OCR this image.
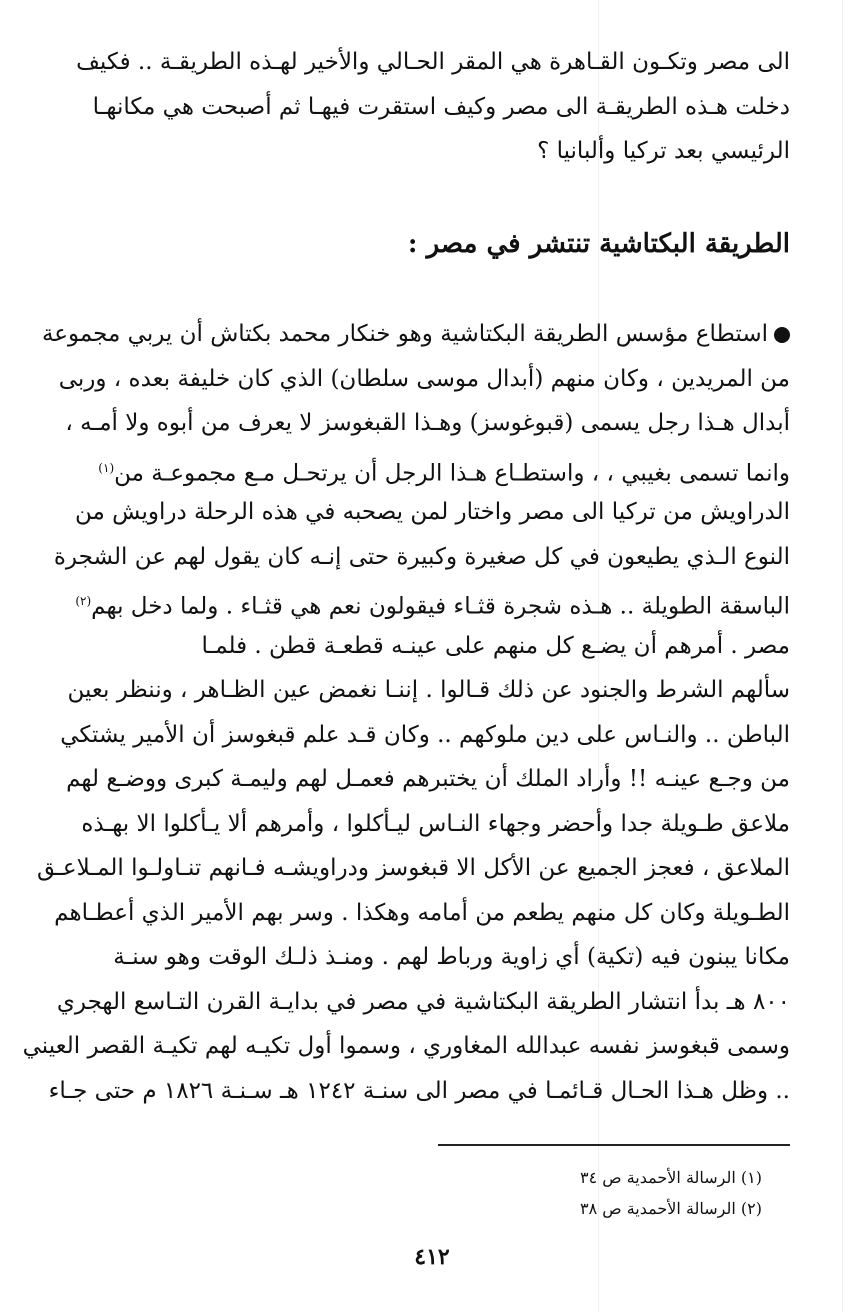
الى مصر وتكـون القـاهرة هي المقر الحـالي والأخير لهـذه الطريقـة .. فكيف
دخلت هـذه الطريقـة الى مصر وكيف استقرت فيهـا ثم أصبحت هي مكانهـا
الرئيسي بعد تركيا وألبانيا ؟
الطريقة البكتاشية تنتشر في مصر :
استطاع مؤسس الطريقة البكتاشية وهو خنكار محمد بكتاش أن يربي مجموعة
من المريدين ، وكان منهم (أبدال موسى سلطان) الذي كان خليفة بعده ، وربى
أبدال هـذا رجل يسمى (قبوغوسز) وهـذا القبغوسز لا يعرف من أبوه ولا أمـه ،
وانما تسمى بغيبي ، ، واستطـاع هـذا الرجل أن يرتحـل مـع مجموعـة من$^{(١)}$
الدراويش من تركيا الى مصر واختار لمن يصحبه في هذه الرحلة دراويش من
النوع الـذي يطيعون في كل صغيرة وكبيرة حتى إنـه كان يقول لهم عن الشجرة
الباسقة الطويلة .. هـذه شجرة قثـاء فيقولون نعم هي قثـاء . ولما دخل بهم$^{(٢)}$
مصر . أمرهم أن يضـع كل منهم على عينـه قطعـة قطن . فلمـا
سألهم الشرط والجنود عن ذلك قـالوا . إننـا نغمض عين الظـاهر ، وننظر بعين
الباطن .. والنـاس على دين ملوكهم .. وكان قـد علم قبغوسز أن الأمير يشتكي
من وجـع عينـه !! وأراد الملك أن يختبرهم فعمـل لهم وليمـة كبرى ووضـع لهم
ملاعق طـويلة جدا وأحضر وجهاء النـاس ليـأكلوا ، وأمرهم ألا يـأكلوا الا بهـذه
الملاعق ، فعجز الجميع عن الأكل الا قبغوسز ودراويشـه فـانهم تنـاولـوا المـلاعـق
الطـويلة وكان كل منهم يطعم من أمامه وهكذا . وسر بهم الأمير الذي أعطـاهم
مكانا يبنون فيه (تكية) أي زاوية ورباط لهم . ومنـذ ذلـك الوقت وهو سنـة
٨٠٠ هـ بدأ انتشار الطريقة البكتاشية في مصر في بدايـة القرن التـاسع الهجري
وسمى قبغوسز نفسه عبدالله المغاوري ، وسموا أول تكيـه لهم تكيـة القصر العيني
.. وظل هـذا الحـال قـائمـا في مصر الى سنـة ١٢٤٢ هـ سـنـة ١٨٢٦ م حتى جـاء
(١) الرسالة الأحمدية ص ٣٤
(٢) الرسالة الأحمدية ص ٣٨
٤١٢
